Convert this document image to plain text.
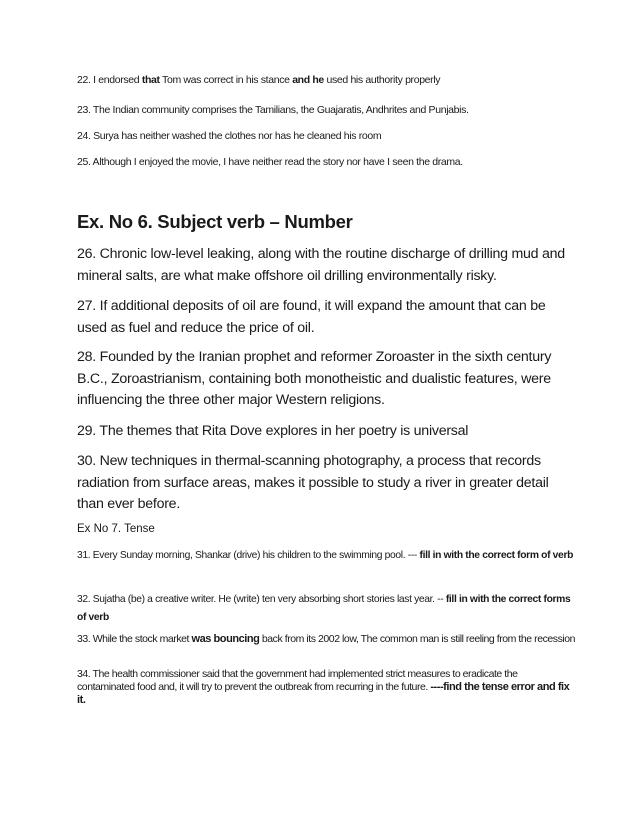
22. I endorsed that Tom was correct in his stance and he used his authority properly
23. The Indian community comprises the Tamilians, the Guajaratis, Andhrites and Punjabis.
24. Surya has neither washed the clothes nor has he cleaned his room
25. Although I enjoyed the movie, I have neither read the story nor have I seen the drama.
Ex. No 6. Subject verb – Number
26. Chronic low-level leaking, along with the routine discharge of drilling mud and mineral salts, are what make offshore oil drilling environmentally risky.
27. If additional deposits of oil are found, it will expand the amount that can be used as fuel and reduce the price of oil.
28. Founded by the Iranian prophet and reformer Zoroaster in the sixth century B.C., Zoroastrianism, containing both monotheistic and dualistic features, were influencing the three other major Western religions.
29. The themes that Rita Dove explores in her poetry is universal
30. New techniques in thermal-scanning photography, a process that records radiation from surface areas, makes it possible to study a river in greater detail than ever before.
Ex No 7. Tense
31. Every Sunday morning, Shankar (drive) his children to the swimming pool. --- fill in with the correct form of verb
32. Sujatha (be) a creative writer. He (write) ten very absorbing short stories last year. -- fill in with the correct forms of verb
33. While the stock market was bouncing back from its 2002 low, The common man is still reeling from the recession
34. The health commissioner said that the government had implemented strict measures to eradicate the contaminated food and, it will try to prevent the outbreak from recurring in the future. ----find the tense error and fix it.
